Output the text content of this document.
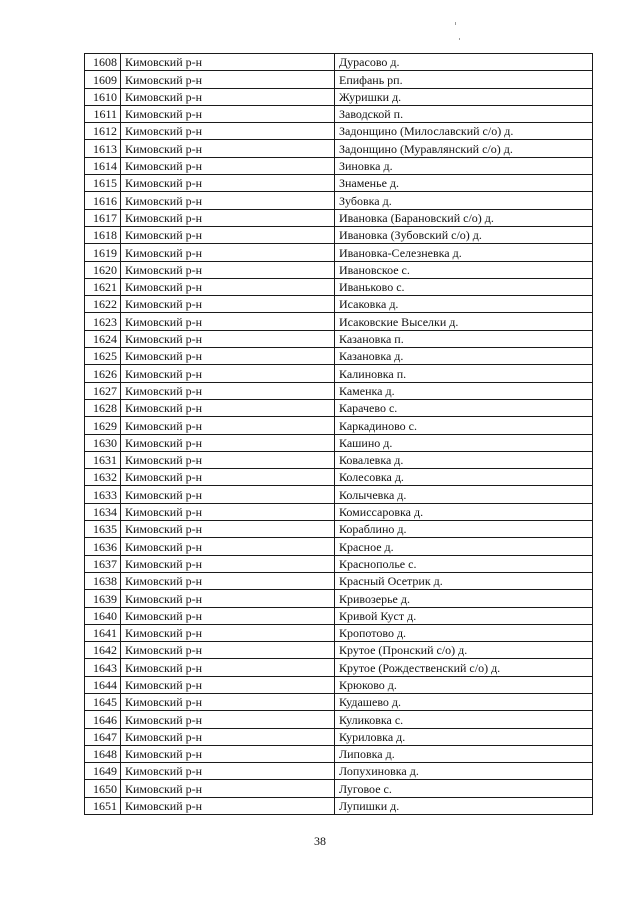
1608	Кимовский р-н	Дурасово д.
1609	Кимовский р-н	Епифань рп.
1610	Кимовский р-н	Журишки д.
1611	Кимовский р-н	Заводской п.
1612	Кимовский р-н	Задонщино (Милославский с/о) д.
1613	Кимовский р-н	Задонщино (Муравлянский с/о) д.
1614	Кимовский р-н	Зиновка д.
1615	Кимовский р-н	Знаменье д.
1616	Кимовский р-н	Зубовка д.
1617	Кимовский р-н	Ивановка (Барановский с/о) д.
1618	Кимовский р-н	Ивановка (Зубовский с/о) д.
1619	Кимовский р-н	Ивановка-Селезневка д.
1620	Кимовский р-н	Ивановское с.
1621	Кимовский р-н	Иваньково с.
1622	Кимовский р-н	Исаковка д.
1623	Кимовский р-н	Исаковские Выселки д.
1624	Кимовский р-н	Казановка п.
1625	Кимовский р-н	Казановка д.
1626	Кимовский р-н	Калиновка п.
1627	Кимовский р-н	Каменка д.
1628	Кимовский р-н	Карачево с.
1629	Кимовский р-н	Каркадиново с.
1630	Кимовский р-н	Кашино д.
1631	Кимовский р-н	Ковалевка д.
1632	Кимовский р-н	Колесовка д.
1633	Кимовский р-н	Колычевка д.
1634	Кимовский р-н	Комиссаровка д.
1635	Кимовский р-н	Кораблино д.
1636	Кимовский р-н	Красное д.
1637	Кимовский р-н	Краснополье с.
1638	Кимовский р-н	Красный Осетрик д.
1639	Кимовский р-н	Кривозерье д.
1640	Кимовский р-н	Кривой Куст д.
1641	Кимовский р-н	Кропотово д.
1642	Кимовский р-н	Крутое (Пронский с/о) д.
1643	Кимовский р-н	Крутое (Рождественский с/о) д.
1644	Кимовский р-н	Крюково д.
1645	Кимовский р-н	Кудашево д.
1646	Кимовский р-н	Куликовка с.
1647	Кимовский р-н	Куриловка д.
1648	Кимовский р-н	Липовка д.
1649	Кимовский р-н	Лопухиновка д.
1650	Кимовский р-н	Луговое с.
1651	Кимовский р-н	Лупишки д.
38
